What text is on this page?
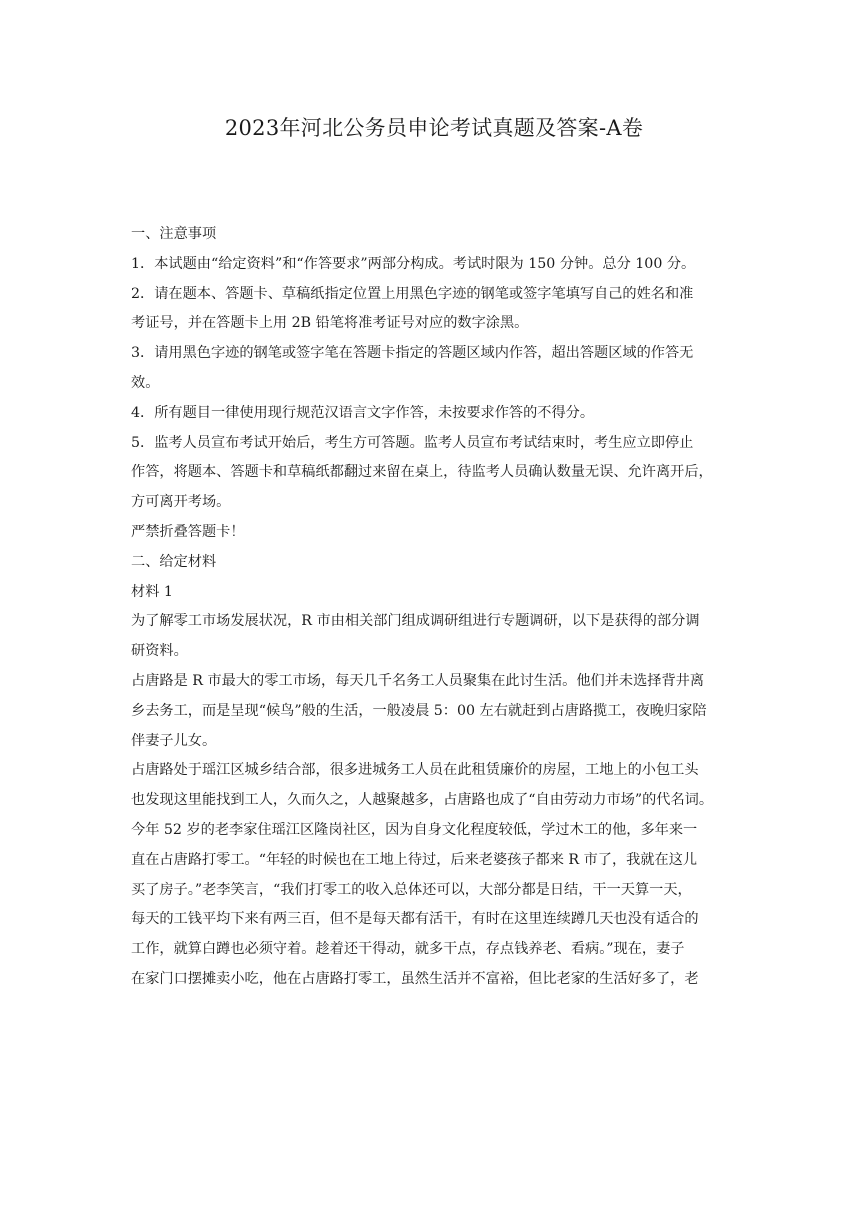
2023年河北公务员申论考试真题及答案-A卷
一、注意事项
1．本试题由“给定资料”和“作答要求”两部分构成。考试时限为 150 分钟。总分 100 分。
2．请在题本、答题卡、草稿纸指定位置上用黑色字迹的钢笔或签字笔填写自己的姓名和准
考证号，并在答题卡上用 2B 铅笔将准考证号对应的数字涂黑。
3．请用黑色字迹的钢笔或签字笔在答题卡指定的答题区域内作答，超出答题区域的作答无
效。
4．所有题目一律使用现行规范汉语言文字作答，未按要求作答的不得分。
5．监考人员宣布考试开始后，考生方可答题。监考人员宣布考试结束时，考生应立即停止
作答，将题本、答题卡和草稿纸都翻过来留在桌上，待监考人员确认数量无误、允许离开后，
方可离开考场。
严禁折叠答题卡！
二、给定材料
材料 1
为了解零工市场发展状况，R 市由相关部门组成调研组进行专题调研，以下是获得的部分调
研资料。
占唐路是 R 市最大的零工市场，每天几千名务工人员聚集在此讨生活。他们并未选择背井离
乡去务工，而是呈现“候鸟”般的生活，一般凌晨 5：00 左右就赶到占唐路揽工，夜晚归家陪
伴妻子儿女。
占唐路处于瑶江区城乡结合部，很多进城务工人员在此租赁廉价的房屋，工地上的小包工头
也发现这里能找到工人，久而久之，人越聚越多，占唐路也成了“自由劳动力市场”的代名词。
今年 52 岁的老李家住瑶江区隆岗社区，因为自身文化程度较低，学过木工的他，多年来一
直在占唐路打零工。“年轻的时候也在工地上待过，后来老婆孩子都来 R 市了，我就在这儿
买了房子。”老李笑言，“我们打零工的收入总体还可以，大部分都是日结，干一天算一天，
每天的工钱平均下来有两三百，但不是每天都有活干，有时在这里连续蹲几天也没有适合的
工作，就算白蹲也必须守着。趁着还干得动，就多干点，存点钱养老、看病。”现在，妻子
在家门口摆摊卖小吃，他在占唐路打零工，虽然生活并不富裕，但比老家的生活好多了，老
